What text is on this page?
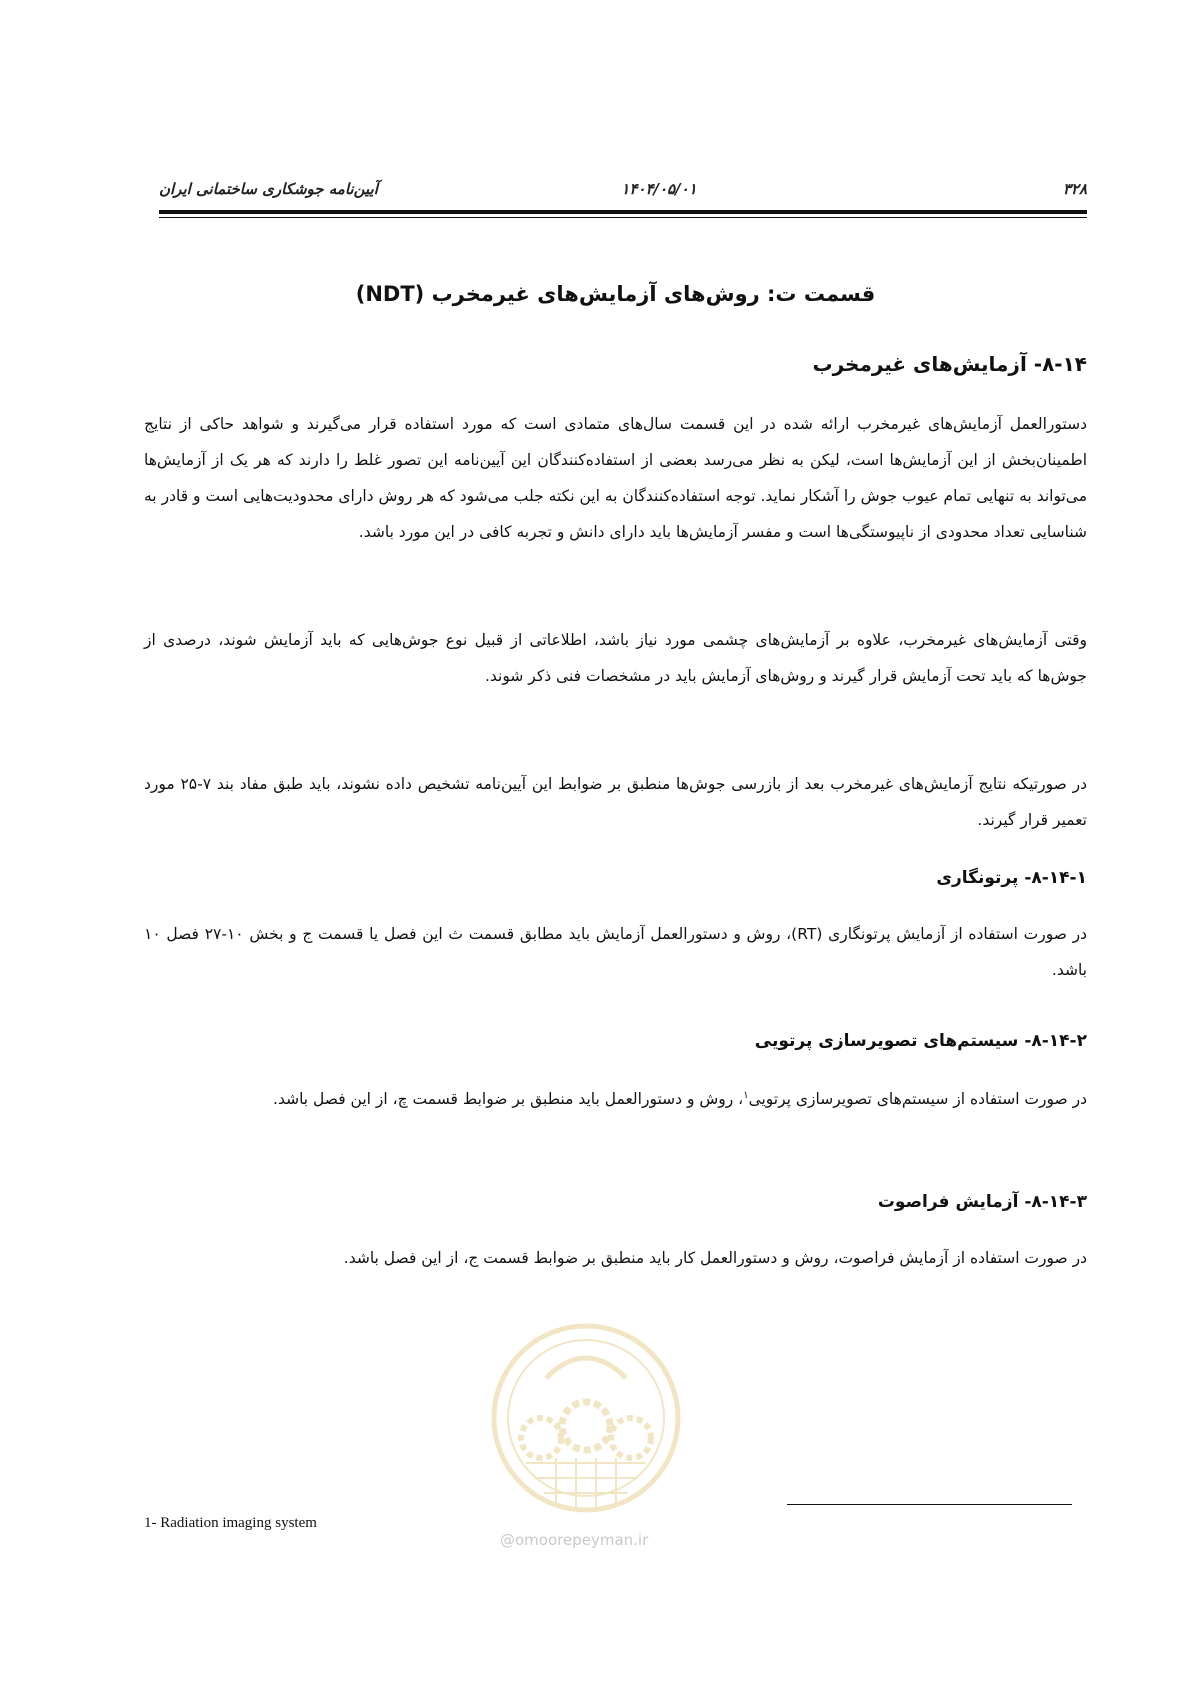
۳۲۸
۱۴۰۴/۰۵/۰۱
آیین‌نامه جوشکاری ساختمانی ایران
قسمت ت: روش‌های آزمایش‌های غیرمخرب (NDT)
۸-۱۴- آزمایش‌های غیرمخرب

دستورالعمل آزمایش‌های غیرمخرب ارائه شده در این قسمت سال‌های متمادی است که مورد استفاده قرار می‌گیرند و شواهد حاکی از نتایج اطمینان‌بخش از این آزمایش‌ها است، لیکن به نظر می‌رسد بعضی از استفاده‌کنندگان این آیین‌نامه این تصور غلط را دارند که هر یک از آزمایش‌ها می‌تواند به تنهایی تمام عیوب جوش را آشکار نماید. توجه استفاده‌کنندگان به این نکته جلب می‌شود که هر روش دارای محدودیت‌هایی است و قادر به شناسایی تعداد محدودی از ناپیوستگی‌ها است و مفسر آزمایش‌ها باید دارای دانش و تجربه کافی در این مورد باشد.

وقتی آزمایش‌های غیرمخرب، علاوه بر آزمایش‌های چشمی مورد نیاز باشد، اطلاعاتی از قبیل نوع جوش‌هایی که باید آزمایش شوند، درصدی از جوش‌ها که باید تحت آزمایش قرار گیرند و روش‌های آزمایش باید در مشخصات فنی ذکر شوند.

در صورتیکه نتایج آزمایش‌های غیرمخرب بعد از بازرسی جوش‌ها منطبق بر ضوابط این آیین‌نامه تشخیص داده نشوند، باید طبق مفاد بند ۷-۲۵ مورد تعمیر قرار گیرند.

۸-۱۴-۱- پرتونگاری

در صورت استفاده از آزمایش پرتونگاری (RT)، روش و دستورالعمل آزمایش باید مطابق قسمت ث این فصل یا قسمت ج و بخش ۱۰-۲۷ فصل ۱۰ باشد.

۸-۱۴-۲- سیستم‌های تصویرسازی پرتویی

در صورت استفاده از سیستم‌های تصویرسازی پرتویی$^۱$، روش و دستورالعمل باید منطبق بر ضوابط قسمت چ، از این فصل باشد.

۸-۱۴-۳- آزمایش فراصوت

در صورت استفاده از آزمایش فراصوت، روش و دستورالعمل کار باید منطبق بر ضوابط قسمت ج، از این فصل باشد.

@omoorepeyman.ir
1- Radiation imaging system
